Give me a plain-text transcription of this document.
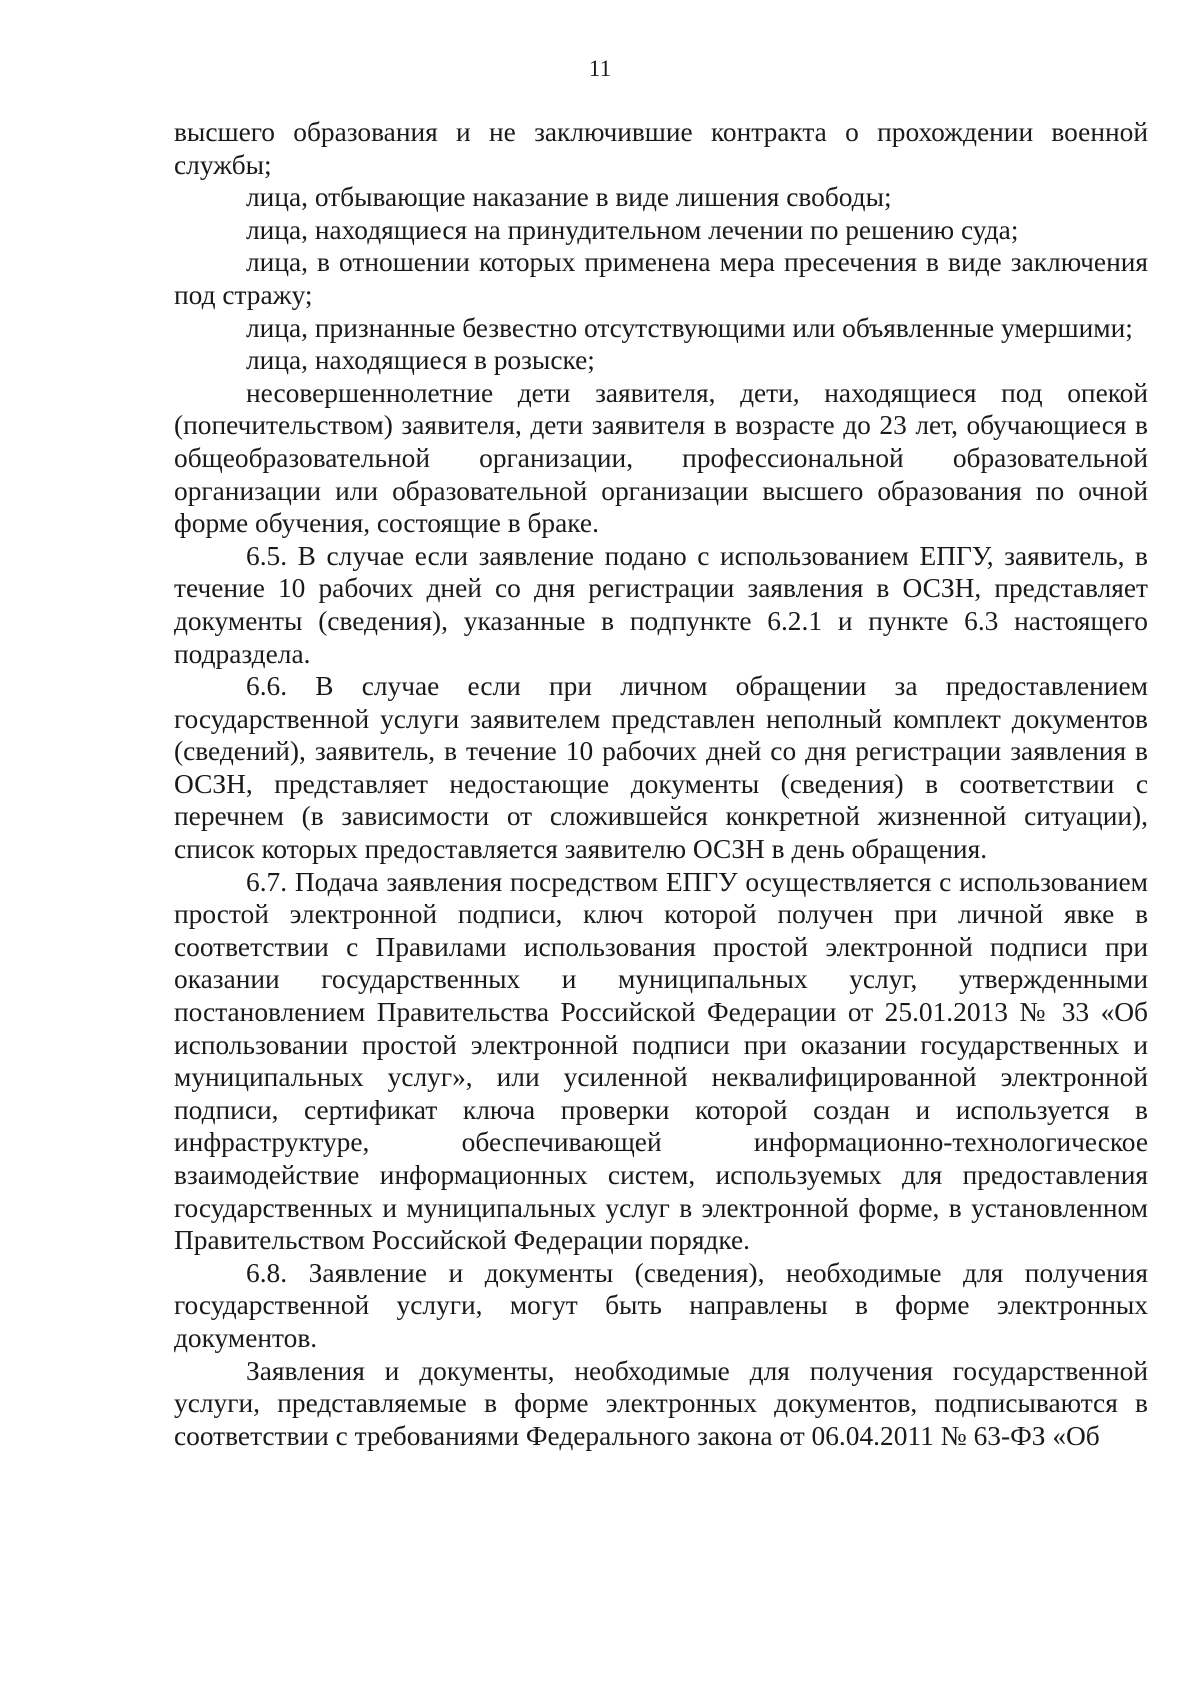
11

высшего образования и не заключившие контракта о прохождении военной службы;

лица, отбывающие наказание в виде лишения свободы;

лица, находящиеся на принудительном лечении по решению суда;

лица, в отношении которых применена мера пресечения в виде заключения под стражу;

лица, признанные безвестно отсутствующими или объявленные умершими;

лица, находящиеся в розыске;

несовершеннолетние дети заявителя, дети, находящиеся под опекой (попечительством) заявителя, дети заявителя в возрасте до 23 лет, обучающиеся в общеобразовательной организации, профессиональной образовательной организации или образовательной организации высшего образования по очной форме обучения, состоящие в браке.

6.5. В случае если заявление подано с использованием ЕПГУ, заявитель, в течение 10 рабочих дней со дня регистрации заявления в ОСЗН, представляет документы (сведения), указанные в подпункте 6.2.1 и пункте 6.3 настоящего подраздела.

6.6. В случае если при личном обращении за предоставлением государственной услуги заявителем представлен неполный комплект документов (сведений), заявитель, в течение 10 рабочих дней со дня регистрации заявления в ОСЗН, представляет недостающие документы (сведения) в соответствии с перечнем (в зависимости от сложившейся конкретной жизненной ситуации), список которых предоставляется заявителю ОСЗН в день обращения.

6.7. Подача заявления посредством ЕПГУ осуществляется с использованием простой электронной подписи, ключ которой получен при личной явке в соответствии с Правилами использования простой электронной подписи при оказании государственных и муниципальных услуг, утвержденными постановлением Правительства Российской Федерации от 25.01.2013 № 33 «Об использовании простой электронной подписи при оказании государственных и муниципальных услуг», или усиленной неквалифицированной электронной подписи, сертификат ключа проверки которой создан и используется в инфраструктуре, обеспечивающей информационно-технологическое взаимодействие информационных систем, используемых для предоставления государственных и муниципальных услуг в электронной форме, в установленном Правительством Российской Федерации порядке.

6.8. Заявление и документы (сведения), необходимые для получения государственной услуги, могут быть направлены в форме электронных документов.

Заявления и документы, необходимые для получения государственной услуги, представляемые в форме электронных документов, подписываются в соответствии с требованиями Федерального закона от 06.04.2011 № 63-ФЗ «Об
